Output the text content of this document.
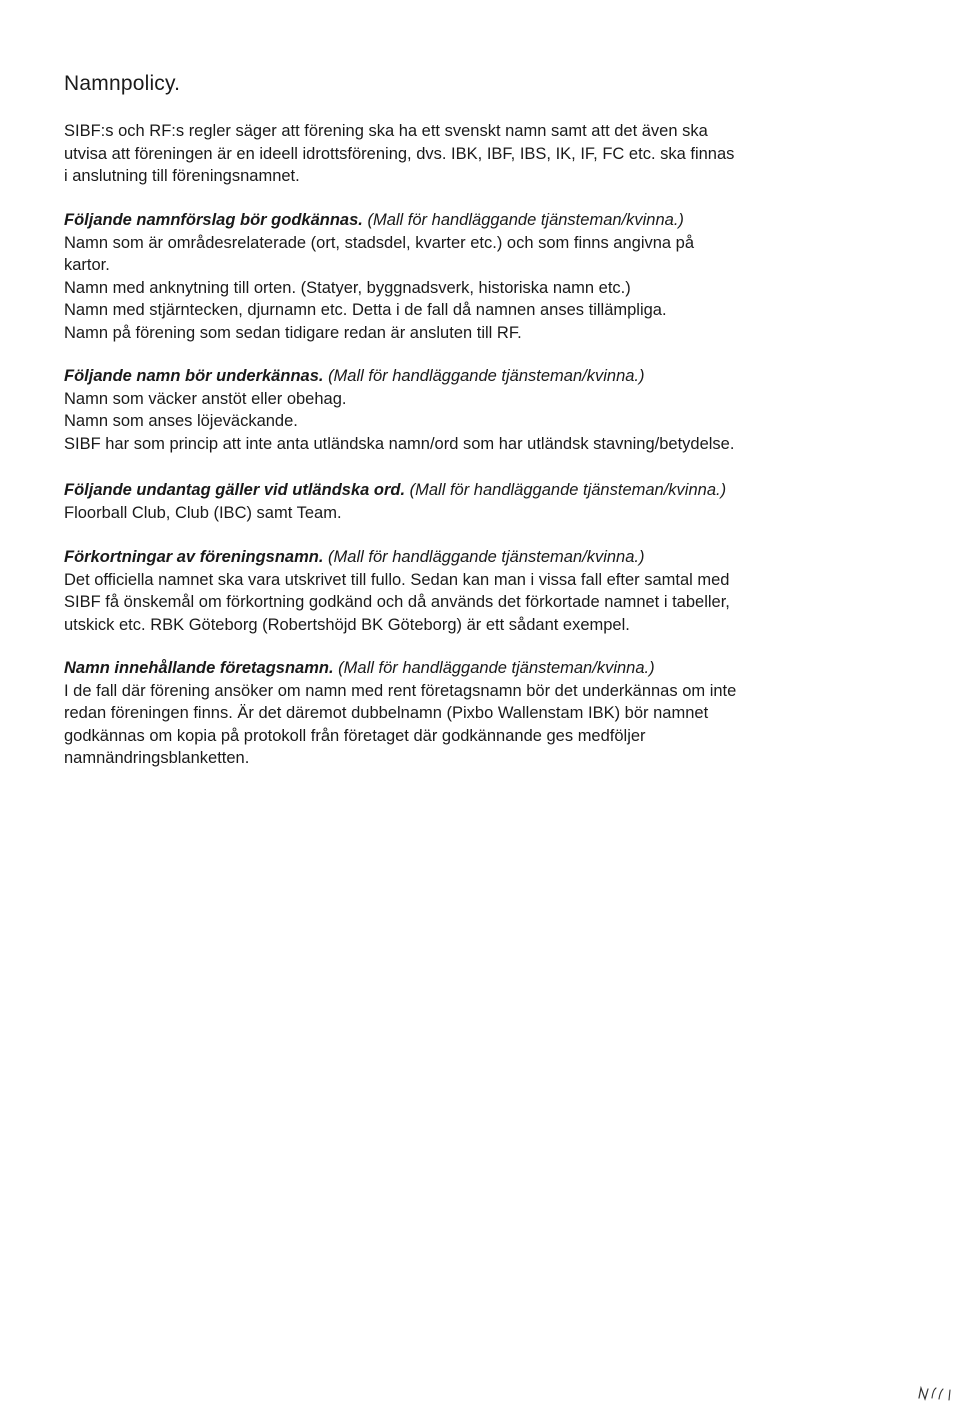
Namnpolicy.

SIBF:s och RF:s regler säger att förening ska ha ett svenskt namn samt att det även ska

utvisa att föreningen är en ideell idrottsförening, dvs. IBK, IBF, IBS, IK, IF, FC etc. ska finnas

i anslutning till föreningsnamnet.

Följande namnförslag bör godkännas. (Mall för handläggande tjänsteman/kvinna.)

Namn som är områdesrelaterade (ort, stadsdel, kvarter etc.) och som finns angivna på

kartor.

Namn med anknytning till orten. (Statyer, byggnadsverk, historiska namn etc.)

Namn med stjärntecken, djurnamn etc. Detta i de fall då namnen anses tillämpliga.

Namn på förening som sedan tidigare redan är ansluten till RF.

Följande namn bör underkännas. (Mall för handläggande tjänsteman/kvinna.)

Namn som väcker anstöt eller obehag.

Namn som anses löjeväckande.

SIBF har som princip att inte anta utländska namn/ord som har utländsk stavning/betydelse.

Följande undantag gäller vid utländska ord. (Mall för handläggande tjänsteman/kvinna.)

Floorball Club, Club (IBC) samt Team.

Förkortningar av föreningsnamn. (Mall för handläggande tjänsteman/kvinna.)

Det officiella namnet ska vara utskrivet till fullo. Sedan kan man i vissa fall efter samtal med

SIBF få önskemål om förkortning godkänd och då används det förkortade namnet i tabeller,

utskick etc. RBK Göteborg (Robertshöjd BK Göteborg) är ett sådant exempel.

Namn innehållande företagsnamn. (Mall för handläggande tjänsteman/kvinna.)

I de fall där förening ansöker om namn med rent företagsnamn bör det underkännas om inte

redan föreningen finns. Är det däremot dubbelnamn (Pixbo Wallenstam IBK) bör namnet

godkännas om kopia på protokoll från företaget där godkännande ges medföljer

namnändringsblanketten.
